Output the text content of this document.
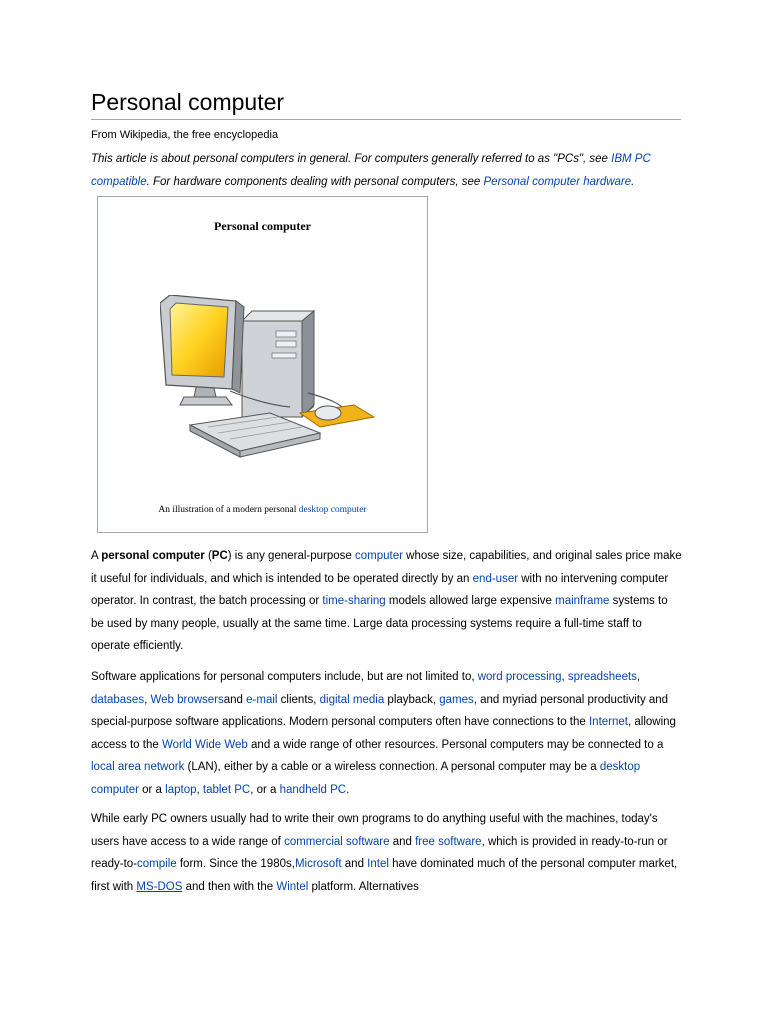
Personal computer
From Wikipedia, the free encyclopedia
This article is about personal computers in general. For computers generally referred to as "PCs", see IBM PC compatible. For hardware components dealing with personal computers, see Personal computer hardware.
Personal computer
An illustration of a modern personal desktop computer

A personal computer (PC) is any general-purpose computer whose size, capabilities, and original sales price make it useful for individuals, and which is intended to be operated directly by an end-user with no intervening computer operator. In contrast, the batch processing or time-sharing models allowed large expensive mainframe systems to be used by many people, usually at the same time. Large data processing systems require a full-time staff to operate efficiently.

Software applications for personal computers include, but are not limited to, word processing, spreadsheets, databases, Web browsersand e-mail clients, digital media playback, games, and myriad personal productivity and special-purpose software applications. Modern personal computers often have connections to the Internet, allowing access to the World Wide Web and a wide range of other resources. Personal computers may be connected to a local area network (LAN), either by a cable or a wireless connection. A personal computer may be a desktop computer or a laptop, tablet PC, or a handheld PC.

While early PC owners usually had to write their own programs to do anything useful with the machines, today's users have access to a wide range of commercial software and free software, which is provided in ready-to-run or ready-to-compile form. Since the 1980s,Microsoft and Intel have dominated much of the personal computer market, first with MS-DOS and then with the Wintel platform. Alternatives
